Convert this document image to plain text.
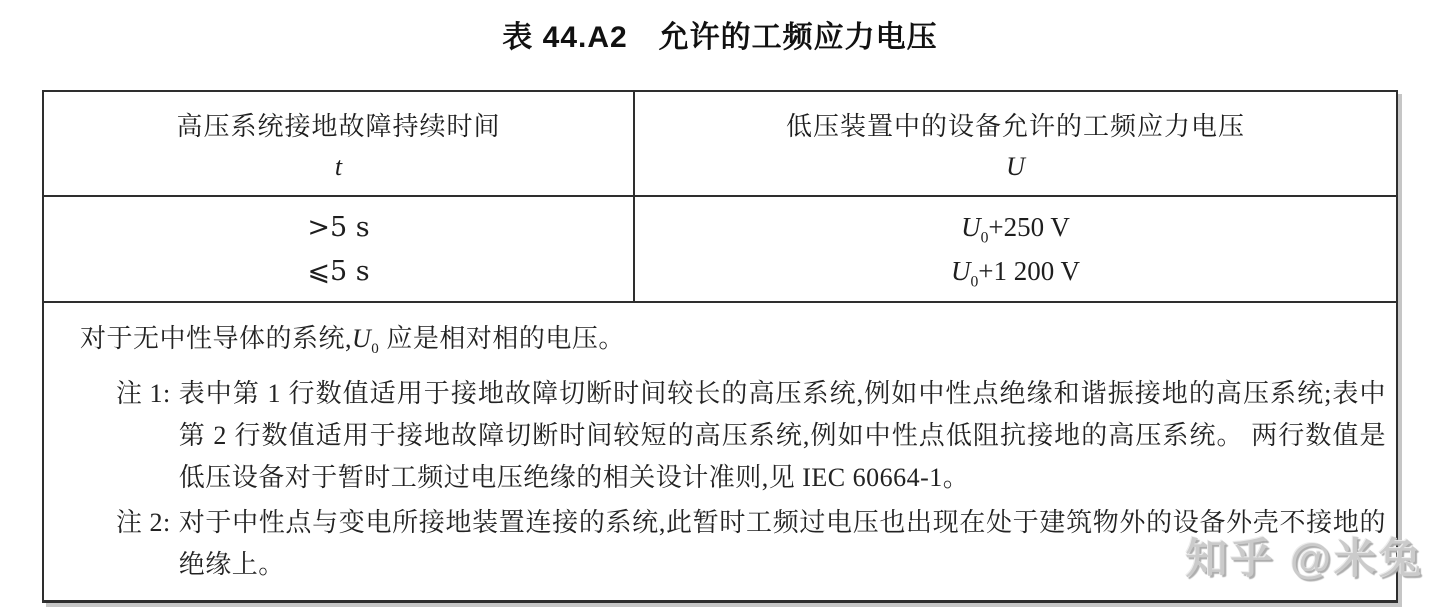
表 44.A2　允许的工频应力电压
高压系统接地故障持续时间
t
低压装置中的设备允许的工频应力电压
U
>5 s
⩽5 s
$U_0+250$ V
$U_0+1$ 200 V

对于无中性导体的系统$,U_0$ 应是相对相的电压。

注 1: 表中第 1 行数值适用于接地故障切断时间较长的高压系统,例如中性点绝缘和谐振接地的高压系统;表中第 2 行数值适用于接地故障切断时间较短的高压系统,例如中性点低阻抗接地的高压系统。 两行数值是低压设备对于暂时工频过电压绝缘的相关设计准则,见 IEC 60664-1。
注 2: 对于中性点与变电所接地装置连接的系统,此暂时工频过电压也出现在处于建筑物外的设备外壳不接地的绝缘上。	知乎 @米兔
